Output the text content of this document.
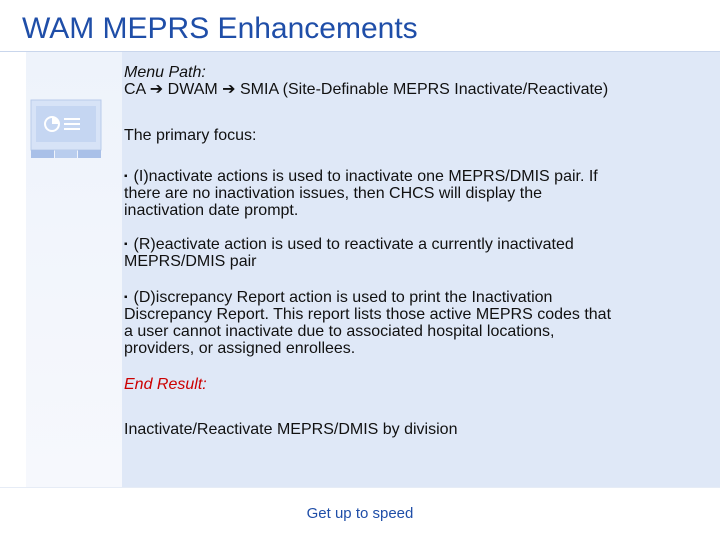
WAM MEPRS Enhancements
Menu Path:
CA ➔ DWAM ➔ SMIA (Site-Definable MEPRS Inactivate/Reactivate)
The primary focus:
▪ (I)nactivate actions is used to inactivate one MEPRS/DMIS pair. If
there are no inactivation issues, then CHCS will display the
inactivation date prompt.
▪ (R)eactivate action is used to reactivate a currently inactivated
MEPRS/DMIS pair
▪ (D)iscrepancy Report action is used to print the Inactivation
Discrepancy Report. This report lists those active MEPRS codes that
a user cannot inactivate due to associated hospital locations,
providers, or assigned enrollees.
End Result:
Inactivate/Reactivate MEPRS/DMIS by division
Get up to speed
